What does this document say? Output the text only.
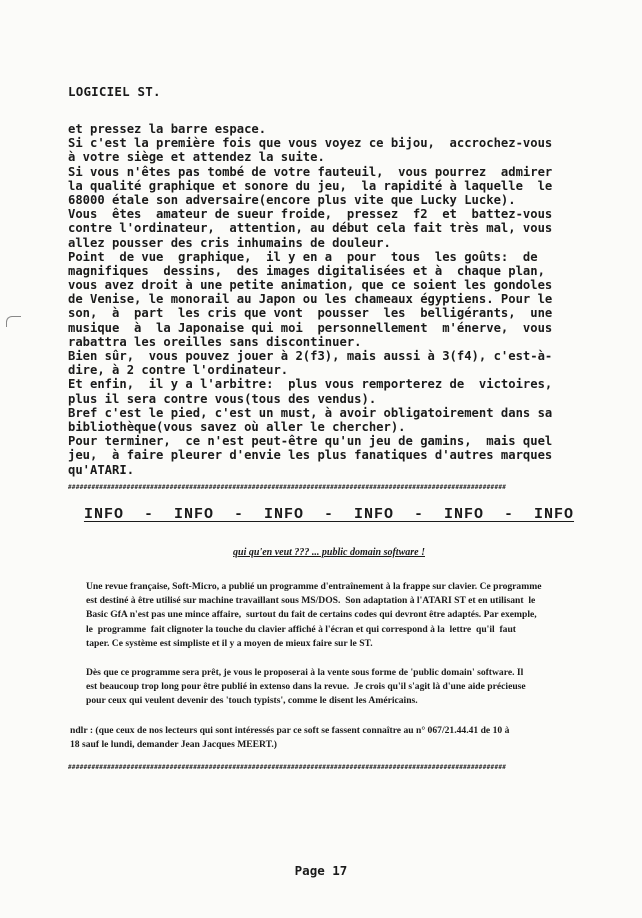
LOGICIEL ST.
et pressez la barre espace.
Si c'est la première fois que vous voyez ce bijou,  accrochez-vous
à votre siège et attendez la suite.
Si vous n'êtes pas tombé de votre fauteuil,  vous pourrez  admirer
la qualité graphique et sonore du jeu,  la rapidité à laquelle  le
68000 étale son adversaire(encore plus vite que Lucky Lucke).
Vous  êtes  amateur de sueur froide,  pressez  f2  et  battez-vous
contre l'ordinateur,  attention, au début cela fait très mal, vous
allez pousser des cris inhumains de douleur.
Point  de vue  graphique,  il y en a  pour  tous  les goûts:  de
magnifiques  dessins,  des images digitalisées et à  chaque plan,
vous avez droit à une petite animation, que ce soient les gondoles
de Venise, le monorail au Japon ou les chameaux égyptiens. Pour le
son,  à  part  les cris que vont  pousser  les  belligérants,  une
musique  à  la Japonaise qui moi  personnellement  m'énerve,  vous
rabattra les oreilles sans discontinuer.
Bien sûr,  vous pouvez jouer à 2(f3), mais aussi à 3(f4), c'est-à-
dire, à 2 contre l'ordinateur.
Et enfin,  il y a l'arbitre:  plus vous remporterez de  victoires,
plus il sera contre vous(tous des vendus).
Bref c'est le pied, c'est un must, à avoir obligatoirement dans sa
bibliothèque(vous savez où aller le chercher).
Pour terminer,  ce n'est peut-être qu'un jeu de gamins,  mais quel
jeu,  à faire pleurer d'envie les plus fanatiques d'autres marques
qu'ATARI.
################################################################################################################
INFO  -  INFO  -  INFO  -  INFO  -  INFO  -  INFO
qui qu'en veut ??? ... public domain software !
Une revue française, Soft-Micro, a publié un programme d'entraînement à la frappe sur clavier. Ce programme
est destiné à être utilisé sur machine travaillant sous MS/DOS.  Son adaptation à l'ATARI ST et en utilisant  le
Basic GfA n'est pas une mince affaire,  surtout du fait de certains codes qui devront être adaptés. Par exemple,
le  programme  fait clignoter la touche du clavier affiché à l'écran et qui correspond à la  lettre  qu'il  faut
taper. Ce système est simpliste et il y a moyen de mieux faire sur le ST.
Dès que ce programme sera prêt, je vous le proposerai à la vente sous forme de 'public domain' software. Il
est beaucoup trop long pour être publié in extenso dans la revue.  Je crois qu'il s'agit là d'une aide précieuse
pour ceux qui veulent devenir des 'touch typists', comme le disent les Américains.
ndlr : (que ceux de nos lecteurs qui sont intéressés par ce soft se fassent connaître au n° 067/21.44.41 de 10 à
18 sauf le lundi, demander Jean Jacques MEERT.)
################################################################################################################
Page 17
